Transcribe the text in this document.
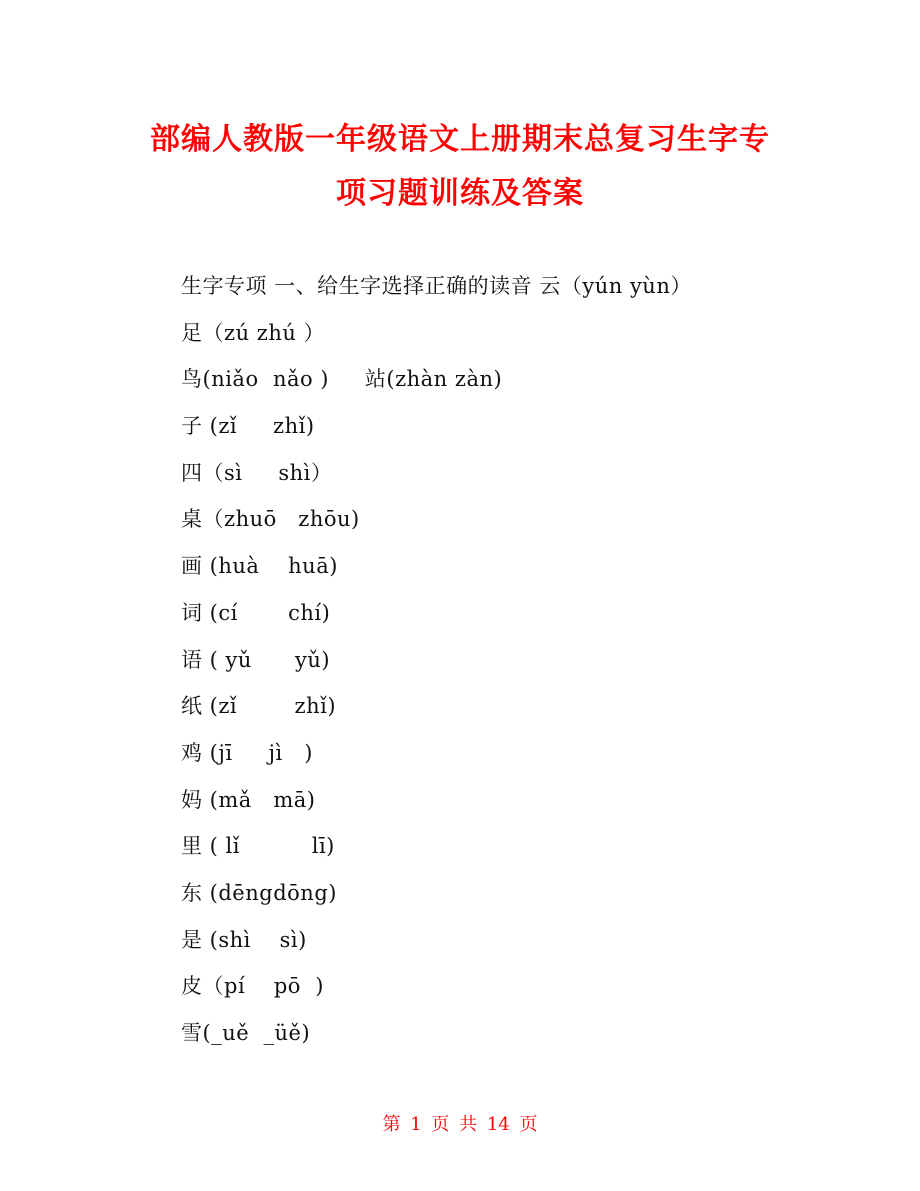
部编人教版一年级语文上册期末总复习生字专
项习题训练及答案
生字专项 一、给生字选择正确的读音 云（yún yùn）
足（zú zhú ）
鸟(niǎo  nǎo )     站(zhàn zàn)
子 (zǐ     zhǐ)
四（sì     shì）
桌（zhuō   zhōu)
画 (huà    huā)
词 (cí       chí)
语 ( yǔ      yǔ)
纸 (zǐ        zhǐ)
鸡 (jī     jì   )
妈 (mǎ   mā)
里 ( lǐ          lī)
东 (dēngdōng)
是 (shì    sì)
皮（pí    pō  )
雪(_uě  _üě)
第 1 页 共 14 页
